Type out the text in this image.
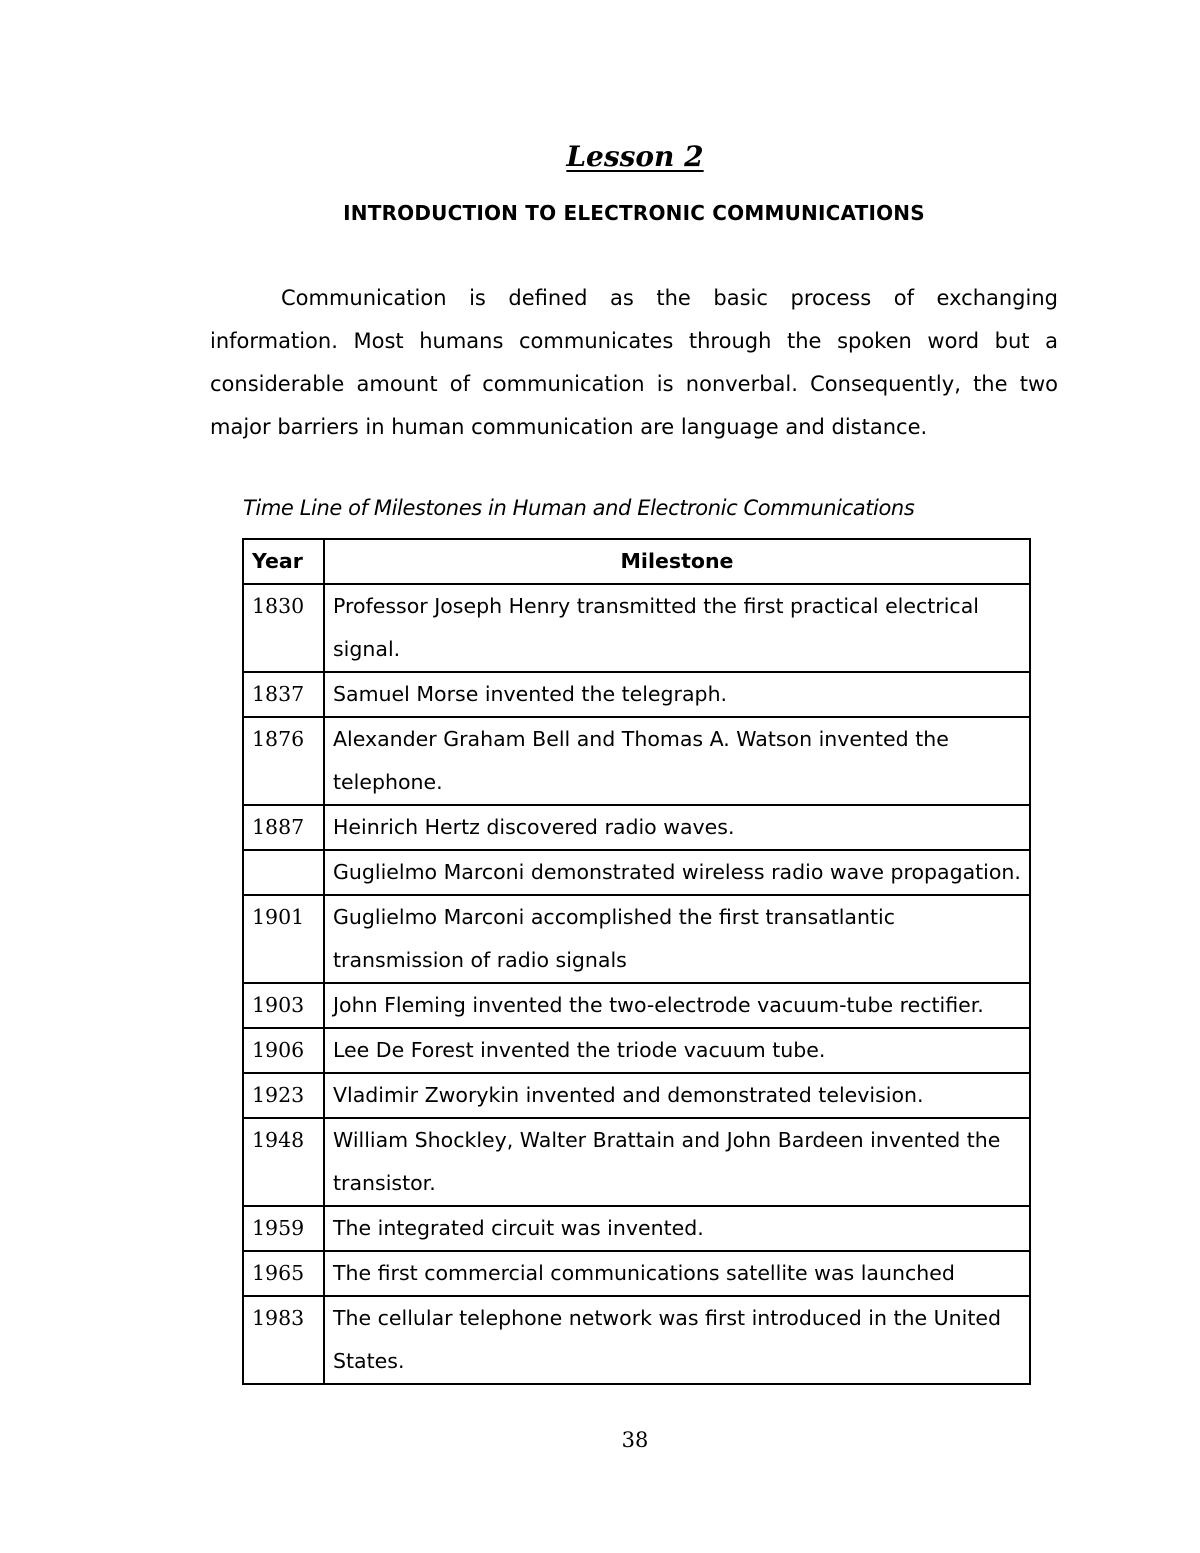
Lesson 2
INTRODUCTION TO ELECTRONIC COMMUNICATIONS

Communication is defined as the basic process of exchanging information. Most humans communicates through the spoken word but a considerable amount of communication is nonverbal. Consequently, the two major barriers in human communication are language and distance.

Time Line of Milestones in Human and Electronic Communications
Year	Milestone
1830	Professor Joseph Henry transmitted the first practical electrical signal.
1837	Samuel Morse invented the telegraph.
1876	Alexander Graham Bell and Thomas A. Watson invented the telephone.
1887	Heinrich Hertz discovered radio waves.
	Guglielmo Marconi demonstrated wireless radio wave propagation.
1901	Guglielmo Marconi accomplished the first transatlantic transmission of radio signals
1903	John Fleming invented the two-electrode vacuum-tube rectifier.
1906	Lee De Forest invented the triode vacuum tube.
1923	Vladimir Zworykin invented and demonstrated television.
1948	William Shockley, Walter Brattain and John Bardeen invented the transistor.
1959	The integrated circuit was invented.
1965	The first commercial communications satellite was launched
1983	The cellular telephone network was first introduced in the United States.
38
